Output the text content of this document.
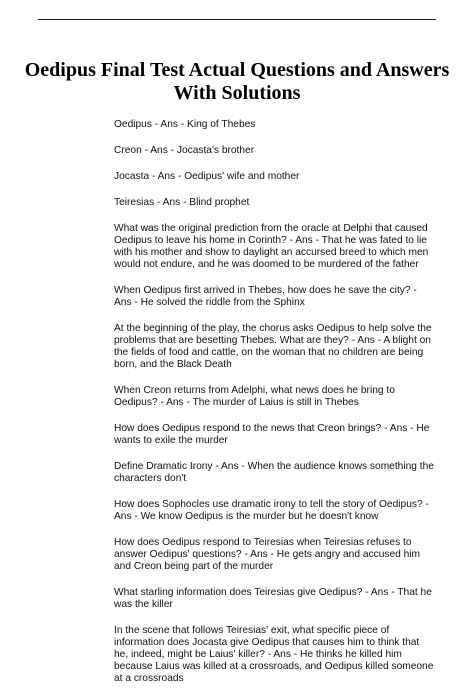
Oedipus Final Test Actual Questions and Answers With Solutions

Oedipus - Ans - King of Thebes

Creon - Ans - Jocasta's brother

Jocasta - Ans - Oedipus' wife and mother

Teiresias - Ans - Blind prophet

What was the original prediction from the oracle at Delphi that caused Oedipus to leave his home in Corinth? - Ans - That he was fated to lie with his mother and show to daylight an accursed breed to which men would not endure, and he was doomed to be murdered of the father

When Oedipus first arrived in Thebes, how does he save the city? - Ans - He solved the riddle from the Sphinx

At the beginning of the play, the chorus asks Oedipus to help solve the problems that are besetting Thebes. What are they? - Ans - A blight on the fields of food and cattle, on the woman that no children are being born, and the Black Death

When Creon returns from Adelphi, what news does he bring to Oedipus? - Ans - The murder of Laius is still in Thebes

How does Oedipus respond to the news that Creon brings? - Ans - He wants to exile the murder

Define Dramatic Irony - Ans - When the audience knows something the characters don't

How does Sophocles use dramatic irony to tell the story of Oedipus? - Ans - We know Oedipus is the murder but he doesn't know

How does Oedipus respond to Teiresias when Teiresias refuses to answer Oedipus' questions? - Ans - He gets angry and accused him and Creon being part of the murder

What starling information does Teiresias give Oedipus? - Ans - That he was the killer

In the scene that follows Teiresias' exit, what specific piece of information does Jocasta give Oedipus that causes him to think that he, indeed, might be Laius' killer? - Ans - He thinks he killed him because Laius was killed at a crossroads, and Oedipus killed someone at a crossroads
